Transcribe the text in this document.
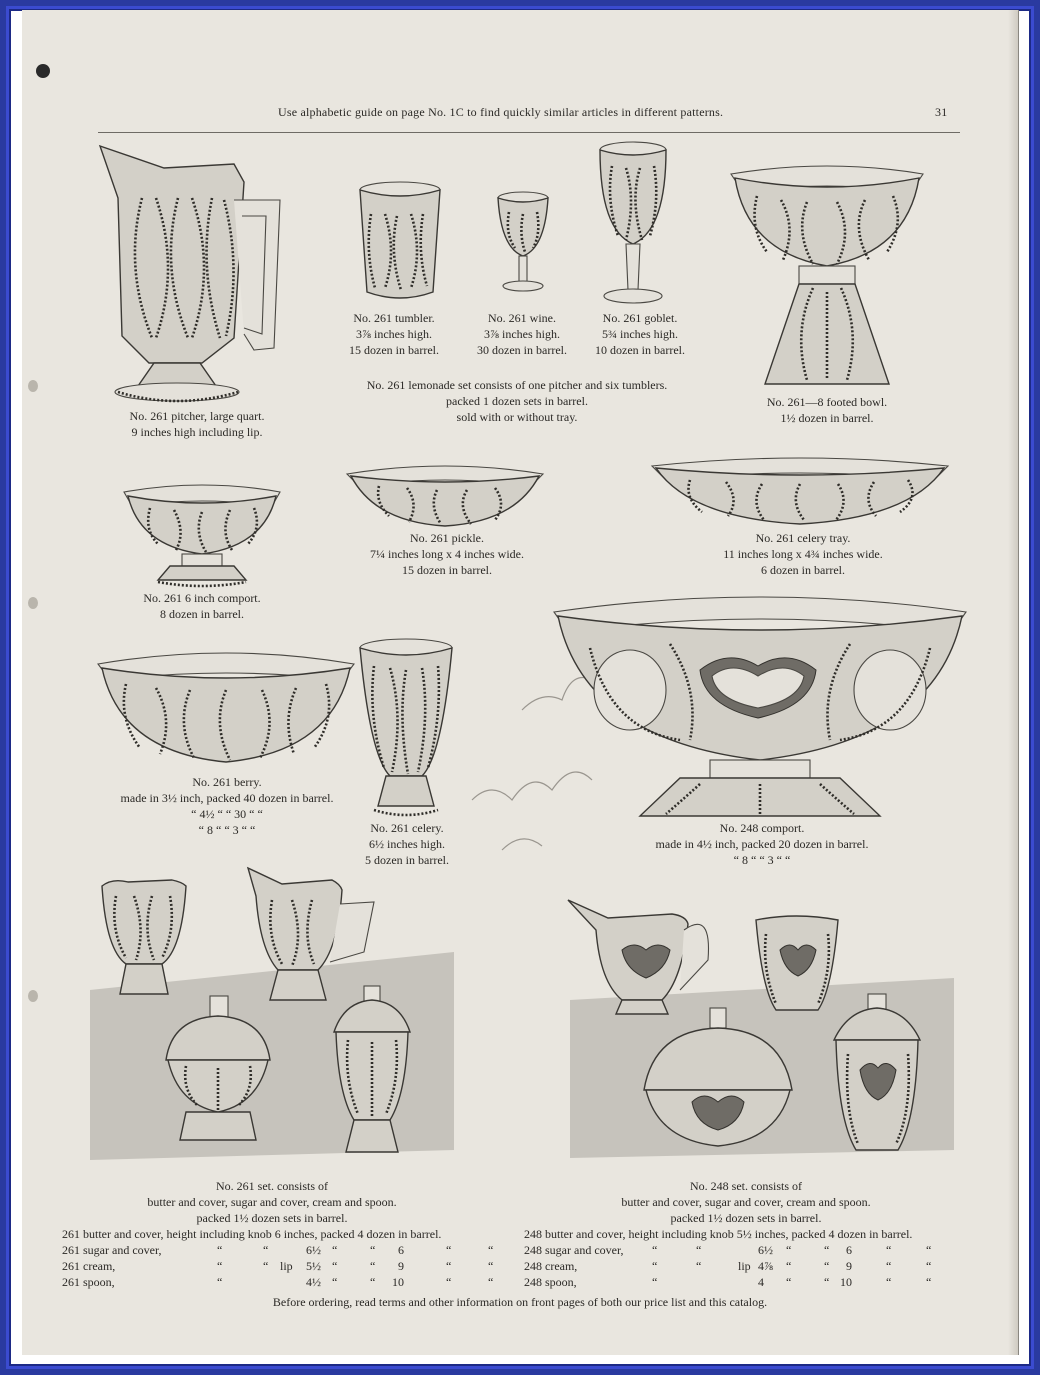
Use alphabetic guide on page No. 1C to find quickly similar articles in different patterns.	31
No. 261 pitcher, large quart.
9 inches high including lip.
No. 261 tumbler.
3⅞ inches high.
15 dozen in barrel.
No. 261 wine.
3⅞ inches high.
30 dozen in barrel.
No. 261 goblet.
5¾ inches high.
10 dozen in barrel.
No. 261 lemonade set consists of one pitcher and six tumblers.
packed 1 dozen sets in barrel.
sold with or without tray.
No. 261—8 footed bowl.
1½ dozen in barrel.
No. 261 6 inch comport.
8 dozen in barrel.
No. 261 pickle.
7¼ inches long x 4 inches wide.
15 dozen in barrel.
No. 261 celery tray.
11 inches long x 4¾ inches wide.
6 dozen in barrel.
No. 261 berry.
made in 3½ inch, packed 40 dozen in barrel.
“ 4½ “ “ 30 “ “
“ 8 “ “ 3 “ “	No. 261 celery.
6½ inches high.
5 dozen in barrel.
No. 248 comport.
made in 4½ inch, packed 20 dozen in barrel.
“ 8 “ “ 3 “ “
No. 261 set. consists of
butter and cover, sugar and cover, cream and spoon.
packed 1½ dozen sets in barrel.
No. 248 set. consists of
butter and cover, sugar and cover, cream and spoon.
packed 1½ dozen sets in barrel.
261 butter and cover, height including knob 6 inches, packed 4 dozen in barrel.
261 sugar and cover,	“	“	6½ “	“ 6	“	“
261 cream,	“	“ lip 5½ “	“ 9	“	“
261 spoon,	“	4½ “	“ 10	“	“
248 butter and cover, height including knob 5½ inches, packed 4 dozen in barrel.
248 sugar and cover, “	“	6½ “	“ 6	“	“
248 cream,	“	“	lip 4⅞ “	“ 9	“	“
248 spoon,	“	4 “	“ 10	“	“
Before ordering, read terms and other information on front pages of both our price list and this catalog.
